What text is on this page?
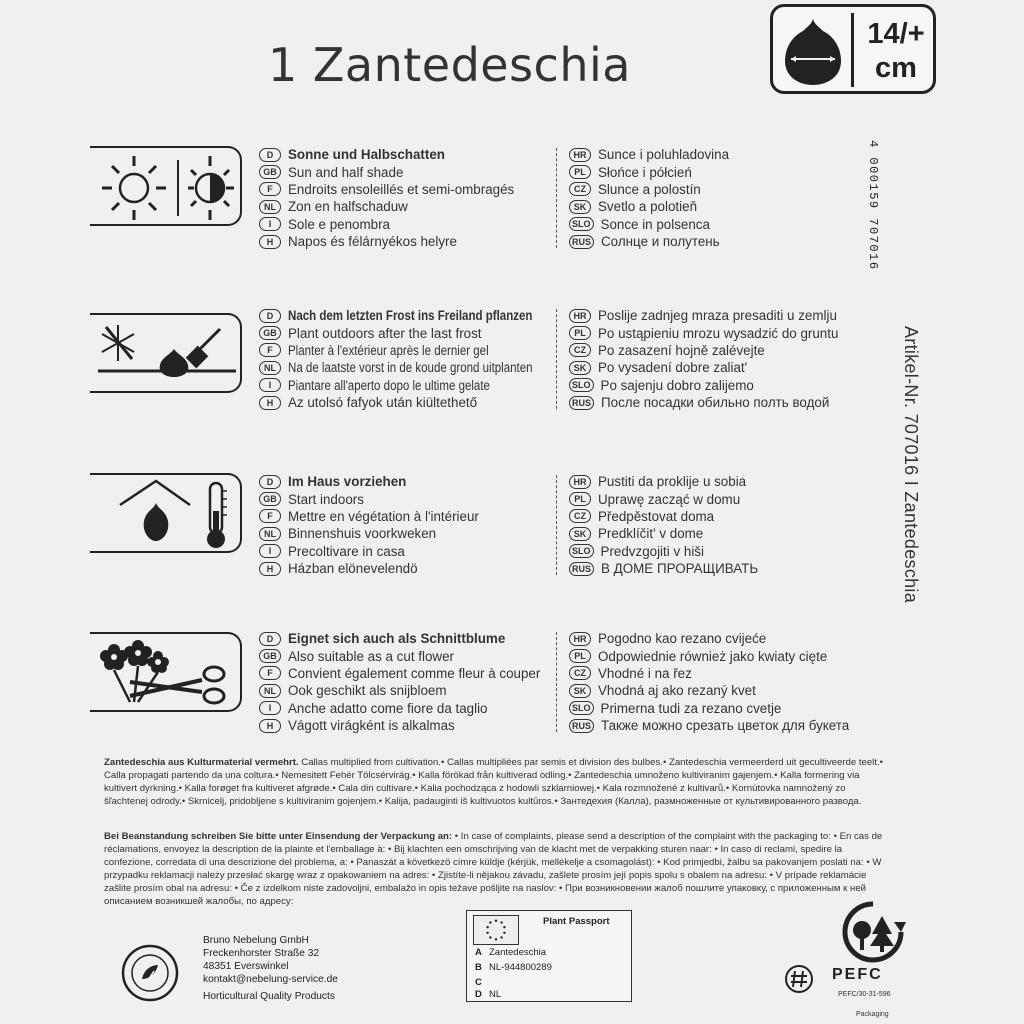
1 Zantedeschia
14/+
cm
4 000159 707016
Artikel-Nr. 707016 I Zantedeschia
D	Sonne und Halbschatten
GB Sun and half shade
F	Endroits ensoleillés et semi-ombragés
NL Zon en halfschaduw
I	Sole e penombra
H	Napos és félárnyékos helyre
HR Sunce i poluhladovina
PL Słońce i półcień
CZ Slunce a polostín
SK Svetlo a polotieň
SLO Sonce in polsenca
RUS Солнце и полутень
D	Nach dem letzten Frost ins Freiland pflanzen
GB Plant outdoors after the last frost
F	Planter à l'extérieur après le dernier gel
NL Na de laatste vorst in de koude grond uitplanten
I	Piantare all'aperto dopo le ultime gelate
H	Az utolsó fafyok után kiültethető
HR Poslije zadnjeg mraza presaditi u zemlju
PL Po ustąpieniu mrozu wysadzić do gruntu
CZ Po zasazení hojně zalévejte
SK Po vysadení dobre zaliat'
SLO Po sajenju dobro zalijemo
RUS После посадки обильно полть водой
D	Im Haus vorziehen
GB Start indoors
F	Mettre en végétation à l'intérieur
NL Binnenshuis voorkweken
I	Precoltivare in casa
H	Házban elönevelendö
HR Pustiti da proklije u sobia
PL Uprawę zacząć w domu
CZ Předpěstovat doma
SK Predklíčit' v dome
SLO Predvzgojiti v hiši
RUS В ДОМЕ ПРОРАЩИВАТЬ
D	Eignet sich auch als Schnittblume
GB Also suitable as a cut flower
F	Convient également comme fleur à couper
NL Ook geschikt als snijbloem
I	Anche adatto come fiore da taglio
H	Vágott virágként is alkalmas
HR Pogodno kao rezano cvijeće
PL Odpowiednie również jako kwiaty cięte
CZ Vhodné i na řez
SK Vhodná aj ako rezaný kvet
SLO Primerna tudi za rezano cvetje
RUS Также можно срезать цветок для букета
Zantedeschia aus Kulturmaterial vermehrt. Callas multiplied from cultivation.• Callas multipliées par semis et division des bulbes.• Zantedeschia vermeerderd uit gecultiveerde teelt.• Calla propagati partendo da una coltura.• Nemesitett Fehér Tölcsérvirág.• Kalla förökad från kultiverad odling.• Zantedeschia umnoženo kultiviranim gajenjem.• Kalla formering via kultivert dyrkning.• Kalla forøget fra kultiveret afgrøde.• Cala din cultivare.• Kalia pochodząca z hodowli szklarniowej.• Kala rozmnožené z kultivarů.• Kornútovka namnožený zo šľachtenej odrody.• Skrnicelj, pridobljene s kultiviranim gojenjem.• Kalija, padauginti iš kultivuotos kultūros.• Зантедехия (Калла), размноженные от культивированного развода.
Bei Beanstandung schreiben Sie bitte unter Einsendung der Verpackung an: • In case of complaints, please send a description of the complaint with the packaging to: • En cas de réclamations, envoyez la description de la plainte et l'emballage à: • Bij klachten een omschrijving van de klacht met de verpakking sturen naar: • In caso di reclami, spedire la confezione, corredata di una descrizione del problema, a: • Panaszát a következö címre küldje (kérjük, mellékelje a csomagolást): • Kod primjedbi, žalbu sa pakovanjem poslati na: • W przypadku reklamacji należy przesłać skargę wraz z opakowaniem na adres: • Zjistíte-li nějakou závadu, zašlete prosím její popis spolu s obalem na adresu: • V prípade reklamácie zašlite prosím obal na adresu: • Če z izdelkom niste zadovoljni, embalažo in opis težave pošljite na naslov: • При возникновении жалоб пошлите упаковку, с приложенным к ней описанием возникшей жалобы, по адресу:
Bruno Nebelung GmbH
Freckenhorster Straße 32
48351 Everswinkel
kontakt@nebelung-service.de
Horticultural Quality Products
Plant Passport
A Zantedeschia
B NL-944800289
C
D NL
PEFC
PEFC/30-31-596
Packaging
